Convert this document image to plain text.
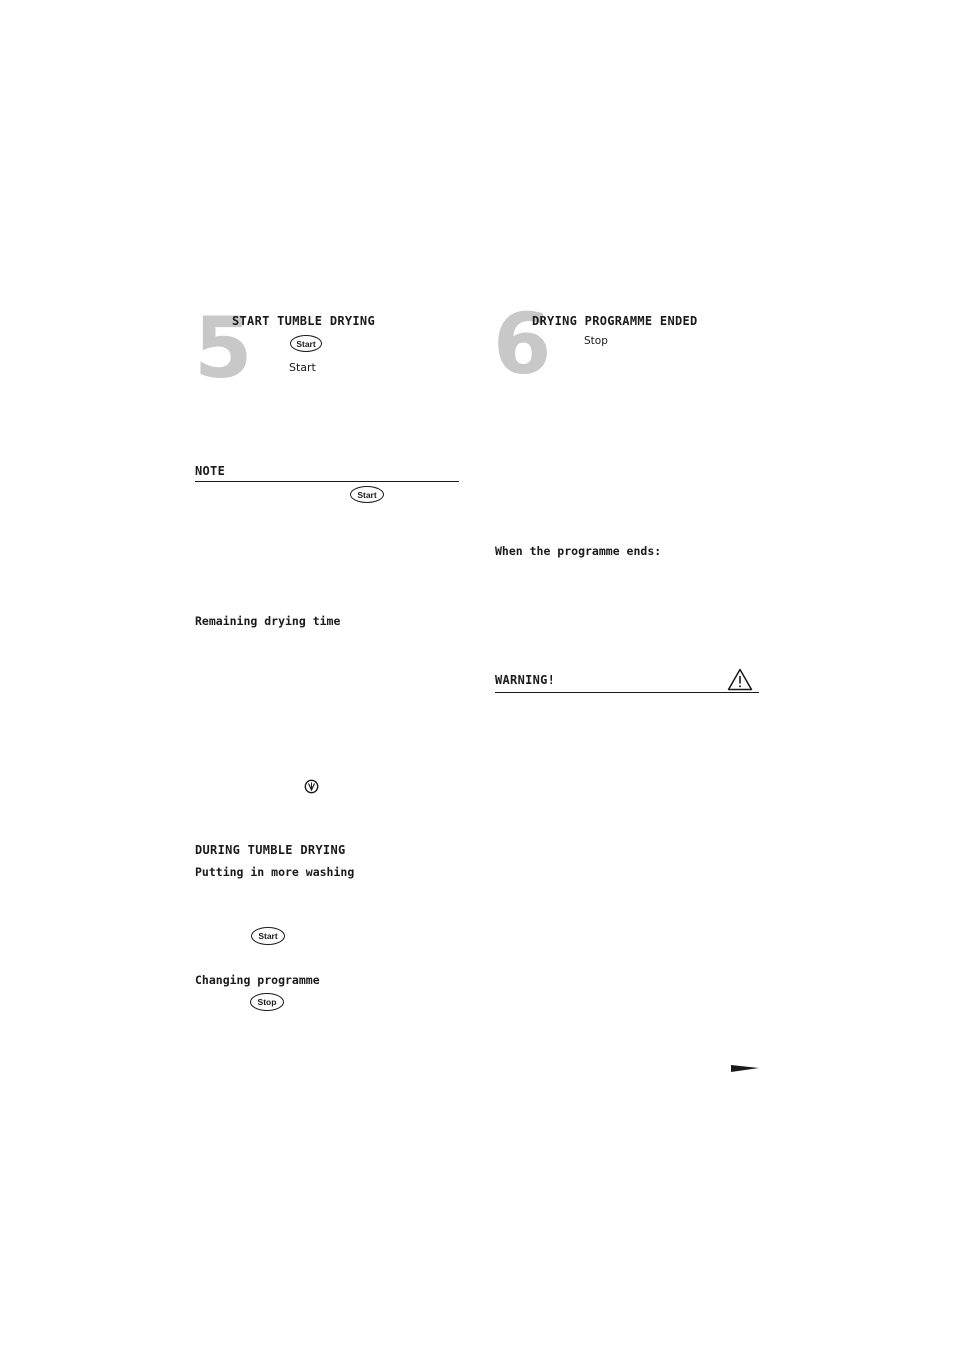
5
START TUMBLE DRYING
Start
Start
NOTE
Start
Remaining drying time
DURING TUMBLE DRYING
Putting in more washing
Start
Changing programme
Stop
6
DRYING PROGRAMME ENDED
Stop
When the programme ends:
WARNING!
